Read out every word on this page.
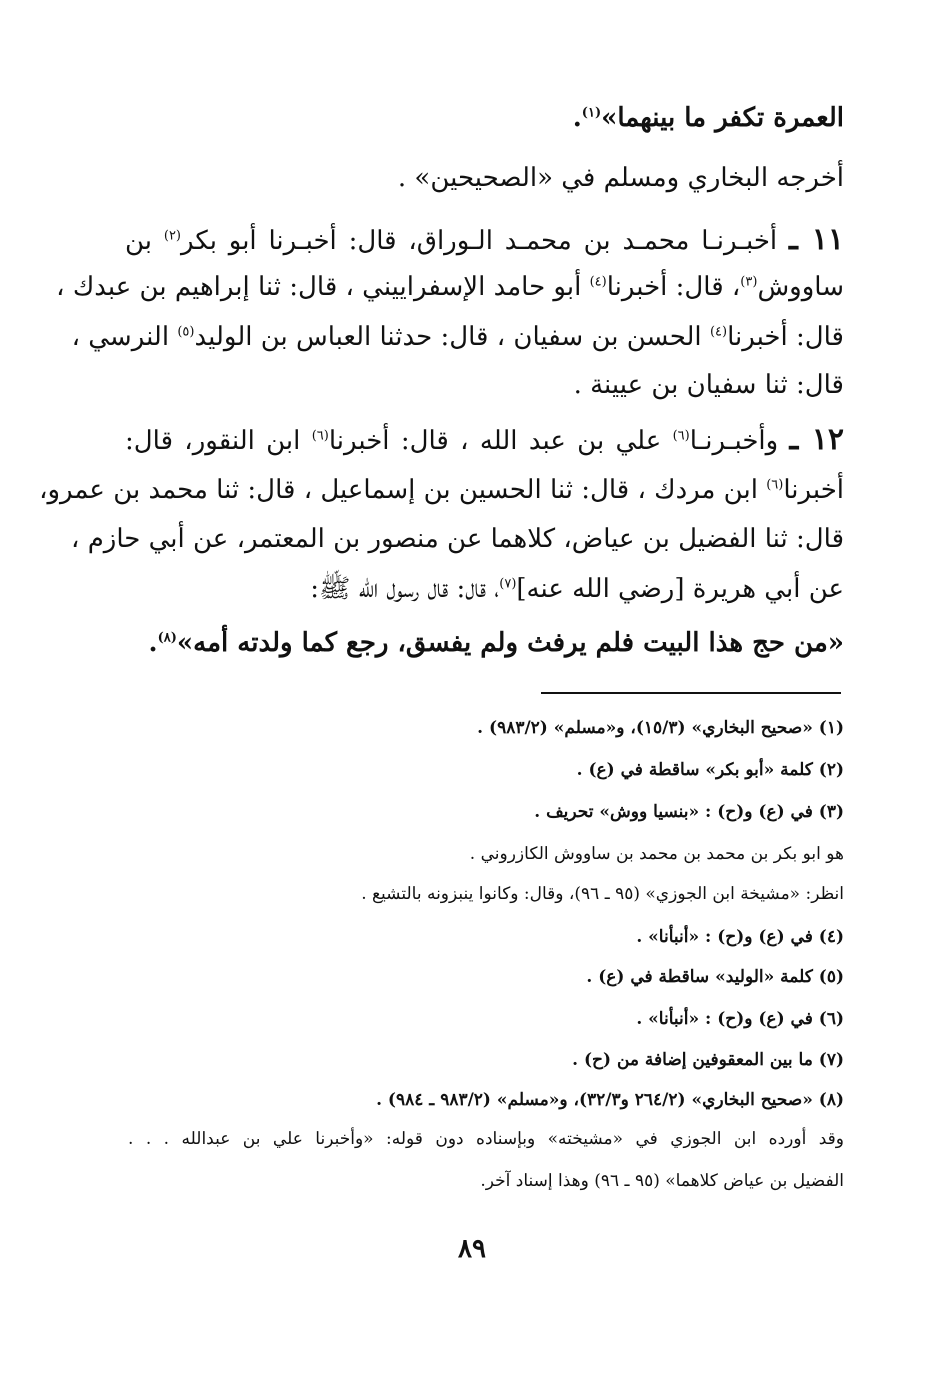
العمرة تكفر ما بينهما»$^{(١)}$.
أخرجه البخاري ومسلم في «الصحيحين» .
١١ ـ أخبـرنـا محمـد بن محمـد الـوراق، قال: أخبـرنا أبو بكر$^{(٢)}$ بن
ساووش$^{(٣)}$، قال: أخبرنا$^{(٤)}$ أبو حامد الإسفراييني ، قال: ثنا إبراهيم بن عبدك ،
قال: أخبرنا$^{(٤)}$ الحسن بن سفيان ، قال: حدثنا العباس بن الوليد$^{(٥)}$ النرسي ،
قال: ثنا سفيان بن عيينة .
١٢ ـ وأخبـرنـا$^{(٦)}$ علي بن عبد الله ، قال: أخبرنا$^{(٦)}$ ابن النقور، قال:
أخبرنا$^{(٦)}$ ابن مردك ، قال: ثنا الحسين بن إسماعيل ، قال: ثنا محمد بن عمرو،
قال: ثنا الفضيل بن عياض، كلاهما عن منصور بن المعتمر، عن أبي حازم ،
عن أبي هريرة [رضي الله عنه]$^{(٧)}$، قال: قال رسول الله ﷺ:
«من حج هذا البيت فلم يرفث ولم يفسق، رجع كما ولدته أمه»$^{(٨)}$.
(١) «صحيح البخاري» (١٥/٣)، و«مسلم» (٩٨٣/٢) .
(٢) كلمة «أبو بكر» ساقطة في (ع) .
(٣) في (ع) و(ح) : «بنسيا ووش» تحريف .
هو ابو بكر بن محمد بن محمد بن ساووش الكازروني .
انظر: «مشيخة ابن الجوزي» (٩٥ ـ ٩٦)، وقال: وكانوا ينبزونه بالتشيع .
(٤) في (ع) و(ح) : «أنبأنا» .
(٥) كلمة «الوليد» ساقطة في (ع) .
(٦) في (ع) و(ح) : «أنبأنا» .
(٧) ما بين المعقوفين إضافة من (ح) .
(٨) «صحيح البخاري» (٢٦٤/٢ و٣٢/٣)، و«مسلم» (٩٨٣/٢ ـ ٩٨٤) .
وقد أورده ابن الجوزي في «مشيخته» وبإسناده دون قوله: «وأخبرنا علي بن عبدالله . . .
الفضيل بن عياض كلاهما» (٩٥ ـ ٩٦) وهذا إسناد آخر.
٨٩
